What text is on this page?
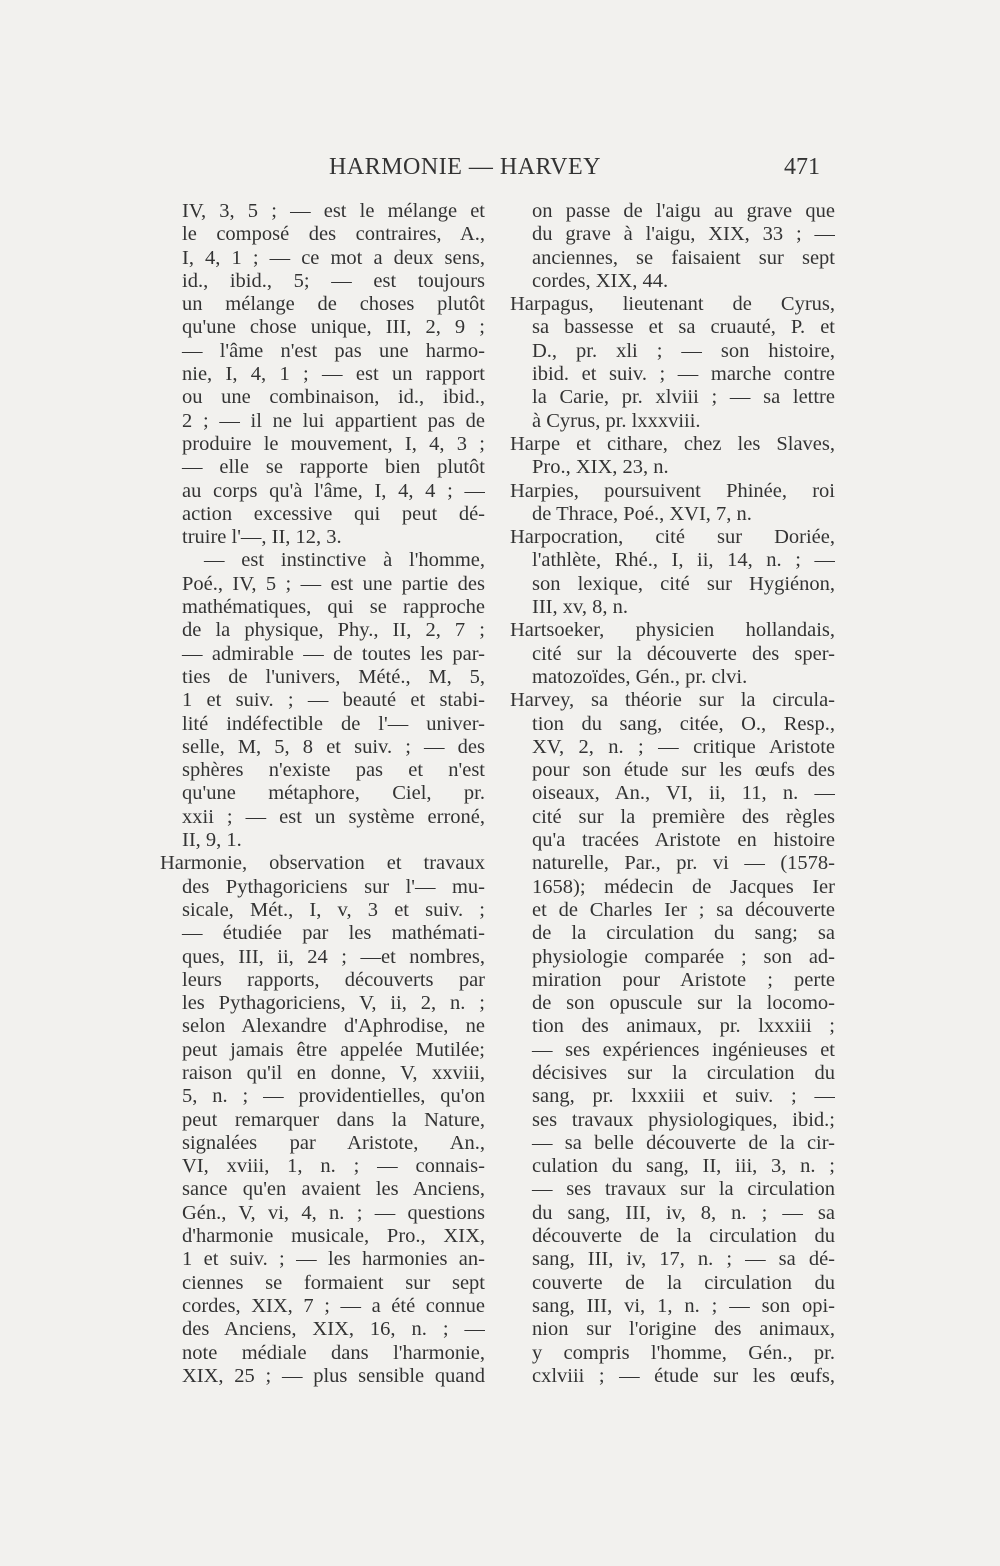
HARMONIE — HARVEY	471
IV, 3, 5 ; — est le mélange et
le composé des contraires, A.,
I, 4, 1 ; — ce mot a deux sens,
id., ibid., 5; — est toujours
un mélange de choses plutôt
qu'une chose unique, III, 2, 9 ;
— l'âme n'est pas une harmo-
nie, I, 4, 1 ; — est un rapport
ou une combinaison, id., ibid.,
2 ; — il ne lui appartient pas de
produire le mouvement, I, 4, 3 ;
— elle se rapporte bien plutôt
au corps qu'à l'âme, I, 4, 4 ; —
action excessive qui peut dé-
truire l'—, II, 12, 3.
— est instinctive à l'homme,
Poé., IV, 5 ; — est une partie des
mathématiques, qui se rapproche
de la physique, Phy., II, 2, 7 ;
— admirable — de toutes les par-
ties de l'univers, Mété., M, 5,
1 et suiv. ; — beauté et stabi-
lité indéfectible de l'— univer-
selle, M, 5, 8 et suiv. ; — des
sphères n'existe pas et n'est
qu'une métaphore, Ciel, pr.
xxii ; — est un système erroné,
II, 9, 1.
Harmonie, observation et travaux
des Pythagoriciens sur l'— mu-
sicale, Mét., I, v, 3 et suiv. ;
— étudiée par les mathémati-
ques, III, ii, 24 ; —et nombres,
leurs rapports, découverts par
les Pythagoriciens, V, ii, 2, n. ;
selon Alexandre d'Aphrodise, ne
peut jamais être appelée Mutilée;
raison qu'il en donne, V, xxviii,
5, n. ; — providentielles, qu'on
peut remarquer dans la Nature,
signalées par Aristote, An.,
VI, xviii, 1, n. ; — connais-
sance qu'en avaient les Anciens,
Gén., V, vi, 4, n. ; — questions
d'harmonie musicale, Pro., XIX,
1 et suiv. ; — les harmonies an-
ciennes se formaient sur sept
cordes, XIX, 7 ; — a été connue
des Anciens, XIX, 16, n. ; —
note médiale dans l'harmonie,
XIX, 25 ; — plus sensible quand
on passe de l'aigu au grave que
du grave à l'aigu, XIX, 33 ; —
anciennes, se faisaient sur sept
cordes, XIX, 44.
Harpagus, lieutenant de Cyrus,
sa bassesse et sa cruauté, P. et
D., pr. xli ; — son histoire,
ibid. et suiv. ; — marche contre
la Carie, pr. xlviii ; — sa lettre
à Cyrus, pr. lxxxviii.
Harpe et cithare, chez les Slaves,
Pro., XIX, 23, n.
Harpies, poursuivent Phinée, roi
de Thrace, Poé., XVI, 7, n.
Harpocration, cité sur Doriée,
l'athlète, Rhé., I, ii, 14, n. ; —
son lexique, cité sur Hygiénon,
III, xv, 8, n.
Hartsoeker, physicien hollandais,
cité sur la découverte des sper-
matozoïdes, Gén., pr. clvi.
Harvey, sa théorie sur la circula-
tion du sang, citée, O., Resp.,
XV, 2, n. ; — critique Aristote
pour son étude sur les œufs des
oiseaux, An., VI, ii, 11, n. —
cité sur la première des règles
qu'a tracées Aristote en histoire
naturelle, Par., pr. vi — (1578-
1658); médecin de Jacques Ier
et de Charles Ier ; sa découverte
de la circulation du sang; sa
physiologie comparée ; son ad-
miration pour Aristote ; perte
de son opuscule sur la locomo-
tion des animaux, pr. lxxxiii ;
— ses expériences ingénieuses et
décisives sur la circulation du
sang, pr. lxxxiii et suiv. ; —
ses travaux physiologiques, ibid.;
— sa belle découverte de la cir-
culation du sang, II, iii, 3, n. ;
— ses travaux sur la circulation
du sang, III, iv, 8, n. ; — sa
découverte de la circulation du
sang, III, iv, 17, n. ; — sa dé-
couverte de la circulation du
sang, III, vi, 1, n. ; — son opi-
nion sur l'origine des animaux,
y compris l'homme, Gén., pr.
cxlviii ; — étude sur les œufs,
